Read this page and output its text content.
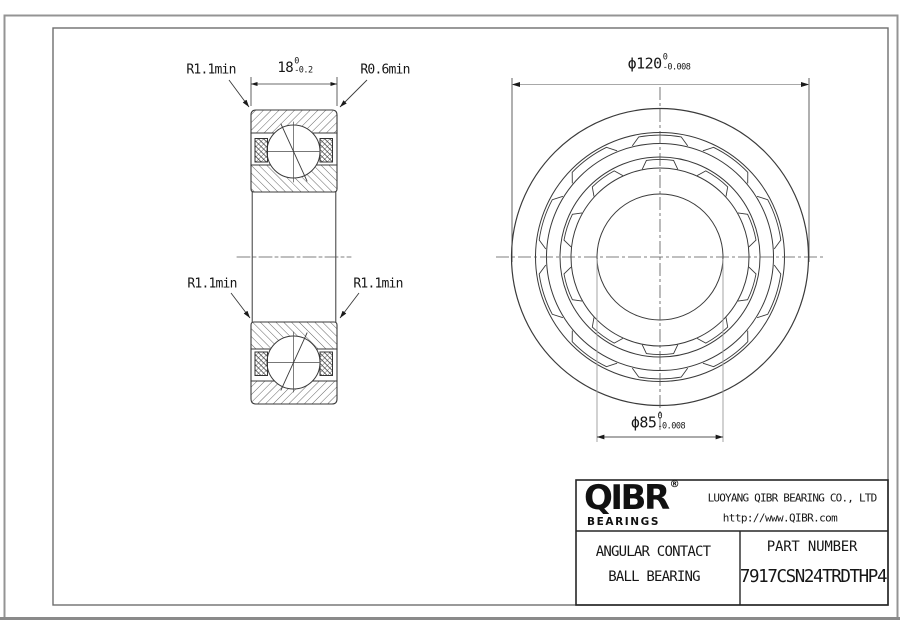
18 0
-0.2
R1.1min	R0.6min
R1.1min	R1.1min
ϕ120 0
-0.008
ϕ85 0
-0.008
QIBR ®
BEARINGS
LUOYANG QIBR BEARING CO., LTD
http://www.QIBR.com
ANGULAR CONTACT
BALL BEARING
PART NUMBER
7917CSN24TRDTHP4
